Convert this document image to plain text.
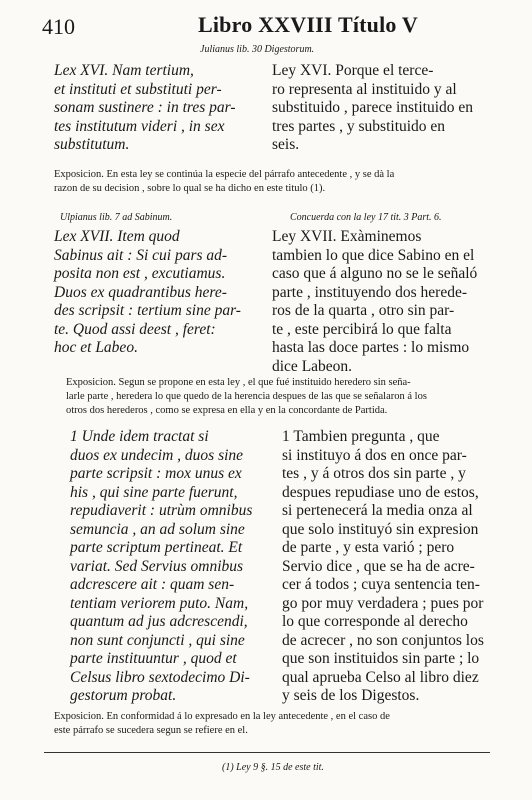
410	Libro XXVIII Título V
Julianus lib. 30 Digestorum.
Lex XVI. Nam tertium,
et instituti et substituti per-
sonam sustinere : in tres par-
tes institutum videri , in sex
substitutum.
Ley XVI. Porque el terce-
ro representa al instituido y al
substituido , parece instituido en
tres partes , y substituido en
seis.
Exposicion. En esta ley se continúa la especie del párrafo antecedente , y se dà la
razon de su decision , sobre lo qual se ha dicho en este titulo (1).
Ulpianus lib. 7 ad Sabinum.	Concuerda con la ley 17 tit. 3 Part. 6.
Lex XVII. Item quod
Sabinus ait : Si cui pars ad-
posita non est , excutiamus.
Duos ex quadrantibus here-
des scripsit : tertium sine par-
te. Quod assi deest , feret:
hoc et Labeo.
Ley XVII. Exàminemos
tambien lo que dice Sabino en el
caso que á alguno no se le señaló
parte , instituyendo dos herede-
ros de la quarta , otro sin par-
te , este percibirá lo que falta
hasta las doce partes : lo mismo
dice Labeon.
Exposicion. Segun se propone en esta ley , el que fué instituido heredero sin seña-
larle parte , heredera lo que quedo de la herencia despues de las que se señalaron á los
otros dos herederos , como se expresa en ella y en la concordante de Partida.
1 Unde idem tractat si
duos ex undecim , duos sine
parte scripsit : mox unus ex
his , qui sine parte fuerunt,
repudiaverit : utrùm omnibus
semuncia , an ad solum sine
parte scriptum pertineat. Et
variat. Sed Servius omnibus
adcrescere ait : quam sen-
tentiam veriorem puto. Nam,
quantum ad jus adcrescendi,
non sunt conjuncti , qui sine
parte instituuntur , quod et
Celsus libro sextodecimo Di-
gestorum probat.
1 Tambien pregunta , que
si instituyo á dos en once par-
tes , y á otros dos sin parte , y
despues repudiase uno de estos,
si pertenecerá la media onza al
que solo instituyó sin expresion
de parte , y esta varió ; pero
Servio dice , que se ha de acre-
cer á todos ; cuya sentencia ten-
go por muy verdadera ; pues por
lo que corresponde al derecho
de acrecer , no son conjuntos los
que son instituidos sin parte ; lo
qual aprueba Celso al libro diez
y seis de los Digestos.
Exposicion. En conformidad á lo expresado en la ley antecedente , en el caso de
este párrafo se sucedera segun se refiere en el.
(1) Ley 9 §. 15 de este tit.
